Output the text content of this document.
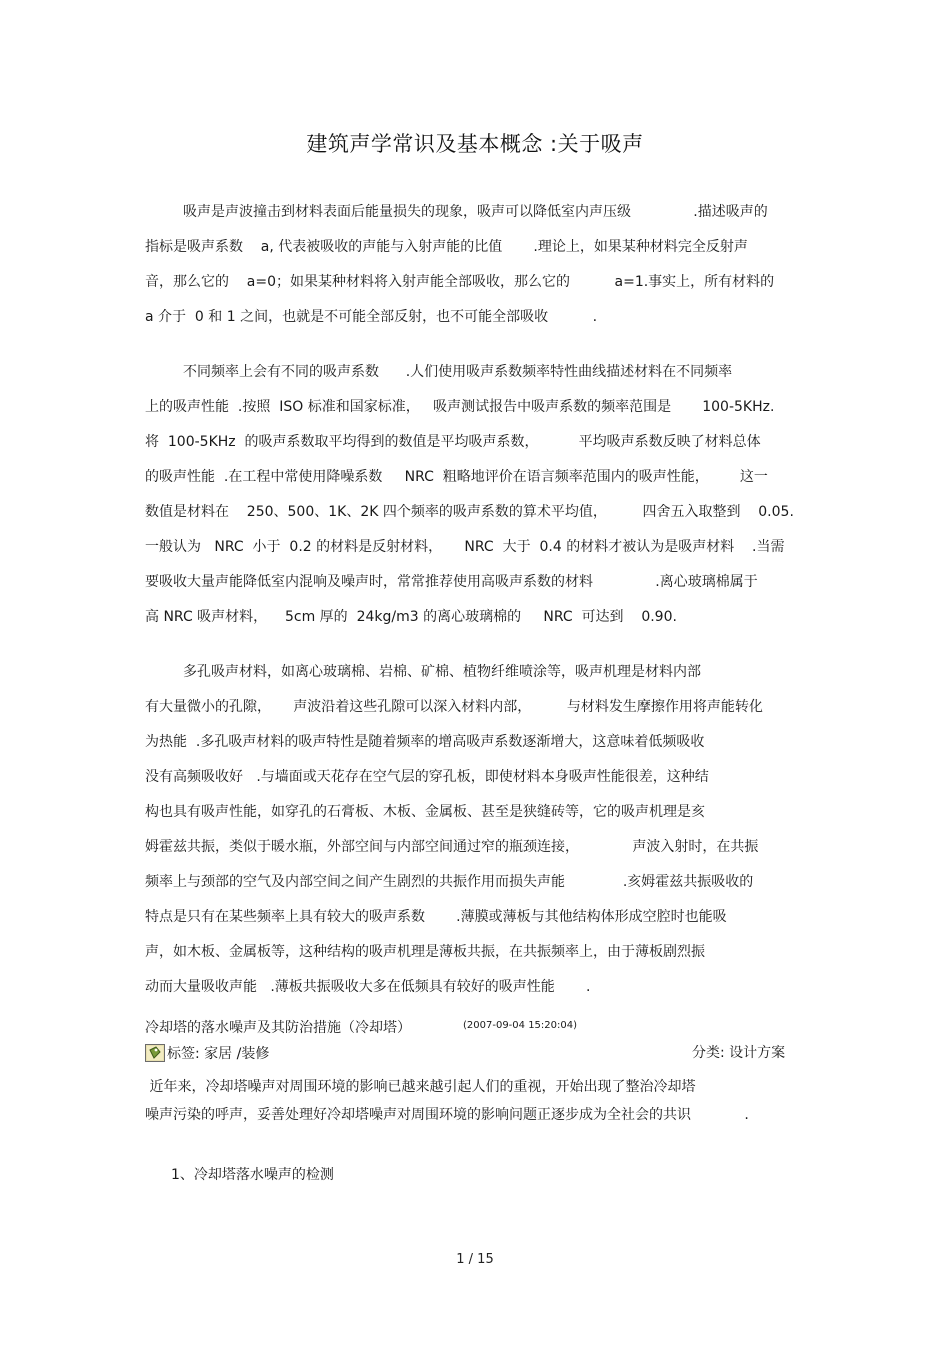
建筑声学常识及基本概念 :关于吸声
吸声是声波撞击到材料表面后能量损失的现象，吸声可以降低室内声压级              .描述吸声的
指标是吸声系数    a, 代表被吸收的声能与入射声能的比值       .理论上，如果某种材料完全反射声
音，那么它的    a=0；如果某种材料将入射声能全部吸收，那么它的          a=1.事实上，所有材料的
a 介于  0 和 1 之间，也就是不可能全部反射，也不可能全部吸收          .
不同频率上会有不同的吸声系数      .人们使用吸声系数频率特性曲线描述材料在不同频率
上的吸声性能  .按照  ISO 标准和国家标准，   吸声测试报告中吸声系数的频率范围是       100-5KHz.
将  100-5KHz  的吸声系数取平均得到的数值是平均吸声系数，         平均吸声系数反映了材料总体
的吸声性能  .在工程中常使用降噪系数     NRC  粗略地评价在语言频率范围内的吸声性能，       这一
数值是材料在    250、500、1K、2K 四个频率的吸声系数的算术平均值，        四舍五入取整到    0.05.
一般认为   NRC  小于  0.2 的材料是反射材料，     NRC  大于  0.4 的材料才被认为是吸声材料    .当需
要吸收大量声能降低室内混响及噪声时，常常推荐使用高吸声系数的材料              .离心玻璃棉属于
高 NRC 吸声材料，    5cm 厚的  24kg/m3 的离心玻璃棉的     NRC  可达到    0.90.
多孔吸声材料，如离心玻璃棉、岩棉、矿棉、植物纤维喷涂等，吸声机理是材料内部
有大量微小的孔隙，     声波沿着这些孔隙可以深入材料内部，        与材料发生摩擦作用将声能转化
为热能  .多孔吸声材料的吸声特性是随着频率的增高吸声系数逐渐增大，这意味着低频吸收
没有高频吸收好   .与墙面或天花存在空气层的穿孔板，即使材料本身吸声性能很差，这种结
构也具有吸声性能，如穿孔的石膏板、木板、金属板、甚至是狭缝砖等，它的吸声机理是亥
姆霍兹共振，类似于暖水瓶，外部空间与内部空间通过窄的瓶颈连接，            声波入射时，在共振
频率上与颈部的空气及内部空间之间产生剧烈的共振作用而损失声能             .亥姆霍兹共振吸收的
特点是只有在某些频率上具有较大的吸声系数       .薄膜或薄板与其他结构体形成空腔时也能吸
声，如木板、金属板等，这种结构的吸声机理是薄板共振，在共振频率上，由于薄板剧烈振
动而大量吸收声能   .薄板共振吸收大多在低频具有较好的吸声性能       .
冷却塔的落水噪声及其防治措施（冷却塔）	(2007-09-04 15:20:04)
标签: 家居 /装修	分类: 设计方案
近年来，冷却塔噪声对周围环境的影响已越来越引起人们的重视，开始出现了整治冷却塔
噪声污染的呼声，妥善处理好冷却塔噪声对周围环境的影响问题正逐步成为全社会的共识            .
1、冷却塔落水噪声的检测
1 / 15
